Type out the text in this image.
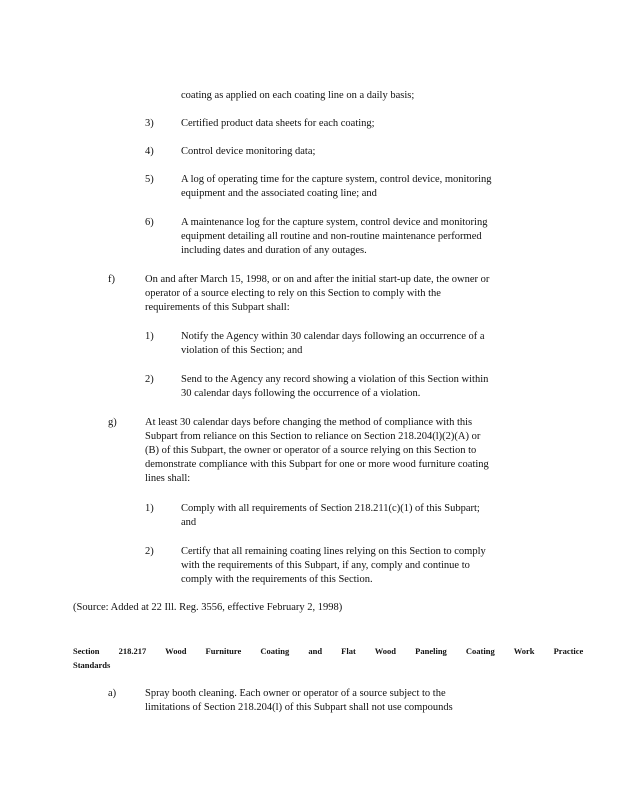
coating as applied on each coating line on a daily basis;
3)	Certified product data sheets for each coating;
4)	Control device monitoring data;
5)	A log of operating time for the capture system, control device, monitoring
equipment and the associated coating line; and
6)	A maintenance log for the capture system, control device and monitoring
equipment detailing all routine and non-routine maintenance performed
including dates and duration of any outages.
f)	On and after March 15, 1998, or on and after the initial start-up date, the owner or
operator of a source electing to rely on this Section to comply with the
requirements of this Subpart shall:
1)	Notify the Agency within 30 calendar days following an occurrence of a
violation of this Section; and
2)	Send to the Agency any record showing a violation of this Section within
30 calendar days following the occurrence of a violation.
g)	At least 30 calendar days before changing the method of compliance with this
Subpart from reliance on this Section to reliance on Section 218.204(l)(2)(A) or
(B) of this Subpart, the owner or operator of a source relying on this Section to
demonstrate compliance with this Subpart for one or more wood furniture coating
lines shall:
1)	Comply with all requirements of Section 218.211(c)(1) of this Subpart;
and
2)	Certify that all remaining coating lines relying on this Section to comply
with the requirements of this Subpart, if any, comply and continue to
comply with the requirements of this Section.
(Source: Added at 22 Ill. Reg. 3556, effective February 2, 1998)
Section 218.217 Wood Furniture Coating and Flat Wood Paneling Coating Work Practice
Standards
a)	Spray booth cleaning. Each owner or operator of a source subject to the
limitations of Section 218.204(l) of this Subpart shall not use compounds
